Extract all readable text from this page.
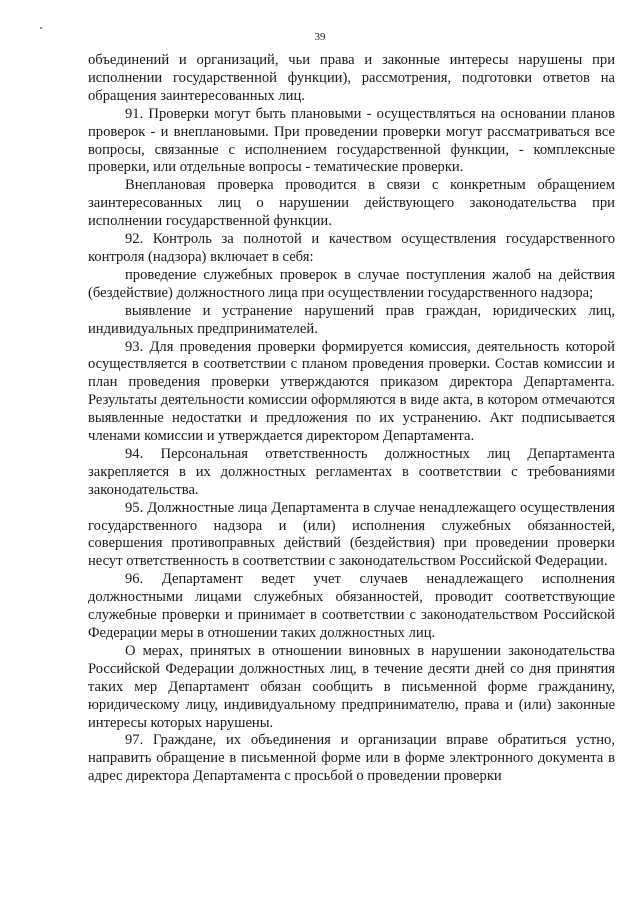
39

объединений и организаций, чьи права и законные интересы нарушены при исполнении государственной функции), рассмотрения, подготовки ответов на обращения заинтересованных лиц.

91. Проверки могут быть плановыми - осуществляться на основании планов проверок - и внеплановыми. При проведении проверки могут рассматриваться все вопросы, связанные с исполнением государственной функции, - комплексные проверки, или отдельные вопросы - тематические проверки.

Внеплановая проверка проводится в связи с конкретным обращением заинтересованных лиц о нарушении действующего законодательства при исполнении государственной функции.

92. Контроль за полнотой и качеством осуществления государственного контроля (надзора) включает в себя:

проведение служебных проверок в случае поступления жалоб на действия (бездействие) должностного лица при осуществлении государственного надзора;

выявление и устранение нарушений прав граждан, юридических лиц, индивидуальных предпринимателей.

93. Для проведения проверки формируется комиссия, деятельность которой осуществляется в соответствии с планом проведения проверки. Состав комиссии и план проведения проверки утверждаются приказом директора Департамента. Результаты деятельности комиссии оформляются в виде акта, в котором отмечаются выявленные недостатки и предложения по их устранению. Акт подписывается членами комиссии и утверждается директором Департамента.

94. Персональная ответственность должностных лиц Департамента закрепляется в их должностных регламентах в соответствии с требованиями законодательства.

95. Должностные лица Департамента в случае ненадлежащего осуществления государственного надзора и (или) исполнения служебных обязанностей, совершения противоправных действий (бездействия) при проведении проверки несут ответственность в соответствии с законодательством Российской Федерации.

96. Департамент ведет учет случаев ненадлежащего исполнения должностными лицами служебных обязанностей, проводит соответствующие служебные проверки и принимает в соответствии с законодательством Российской Федерации меры в отношении таких должностных лиц.

О мерах, принятых в отношении виновных в нарушении законодательства Российской Федерации должностных лиц, в течение десяти дней со дня принятия таких мер Департамент обязан сообщить в письменной форме гражданину, юридическому лицу, индивидуальному предпринимателю, права и (или) законные интересы которых нарушены.

97. Граждане, их объединения и организации вправе обратиться устно, направить обращение в письменной форме или в форме электронного документа в адрес директора Департамента с просьбой о проведении проверки
